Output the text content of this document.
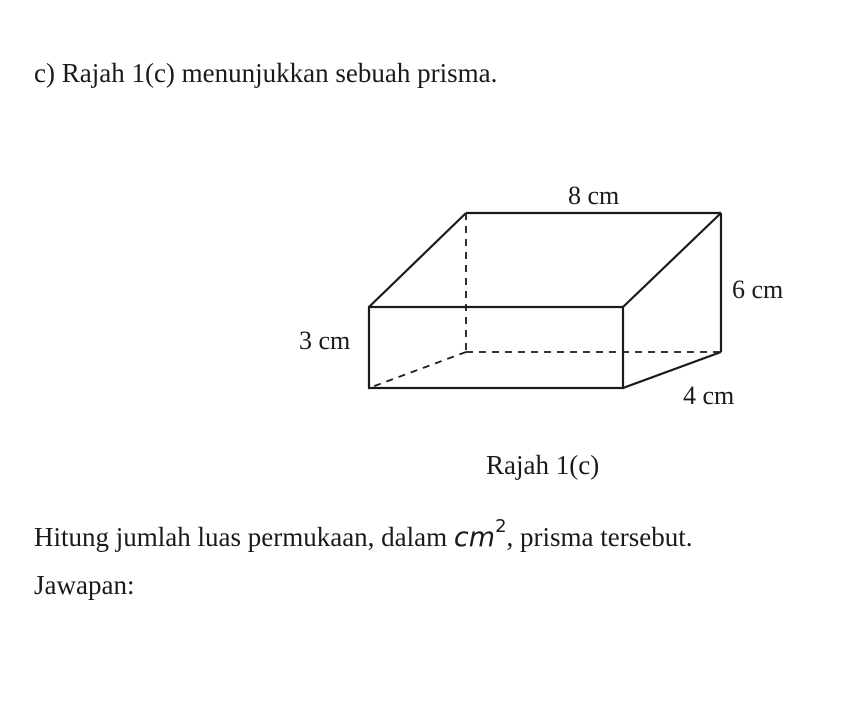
c) Rajah 1(c) menunjukkan sebuah prisma.
8 cm
6 cm
3 cm
4 cm
Rajah 1(c)
Hitung jumlah luas permukaan, dalam $cm^2$, prisma tersebut.
Jawapan:
